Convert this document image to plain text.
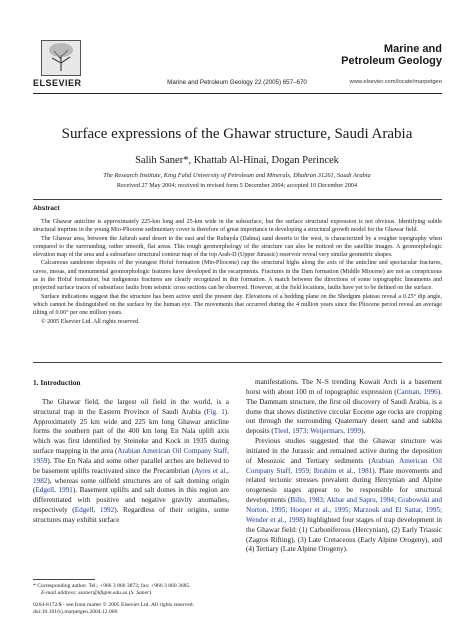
ELSEVIER	Marine and Petroleum Geology 22 (2005) 657–670
Marine and
Petroleum Geology
www.elsevier.com/locate/marpetgeo
Surface expressions of the Ghawar structure, Saudi Arabia
Salih Saner*, Khattab Al-Hinai, Dogan Perincek
The Research Institute, King Fahd University of Petroleum and Minerals, Dhahran 31261, Saudi Arabia
Received 27 May 2004; received in revised form 5 December 2004; accepted 10 December 2004
Abstract

The Ghawar anticline is approximately 225-km long and 25-km wide in the subsurface, but the surface structural expression is not obvious. Identifying subtle structural imprints in the young Mio-Pliocene sedimentary cover is therefore of great importance in developing a structural growth model for the Ghawar field.

The Ghawar area, between the Jafurah sand desert to the east and the Rubayda (Dahna) sand deserts to the west, is characterized by a rougher topography when compared to the surrounding, rather smooth, flat areas. This rough geomorphology of the structure can also be noticed on the satellite images. A geomorphologic elevation map of the area and a subsurface structural contour map of the top Arab-D (Upper Jurassic) reservoir reveal very similar geometric shapes.

Calcareous sandstone deposits of the youngest Hofuf formation (Mio-Pliocene) cap the structural highs along the axis of the anticline and spectacular fractures, caves, mesas, and monumental geomorphologic features have developed in the escarpments. Fractures in the Dam formation (Middle Miocene) are not as conspicuous as in the Hofuf formation, but indigenous fractures are clearly recognized in this formation. A match between the directions of some topographic lineaments and projected surface traces of subsurface faults from seismic cross sections can be observed. However, at the field locations, faults have yet to be defined on the surface.

Surface indications suggest that the structure has been active until the present day. Elevations of a bedding plane on the Shedgum plateau reveal a 0.25° dip angle, which cannot be distinguished on the surface by the human eye. The movements that occurred during the 4 million years since the Pliocene period reveal an average tilting of 0.06° per one million years.

© 2005 Elsevier Ltd. All rights reserved.

1. Introduction

The Ghawar field, the largest oil field in the world, is a structural trap in the Eastern Province of Saudi Arabia (Fig. 1). Approximately 25 km wide and 225 km long Ghawar anticline forms the southern part of the 400 km long En Nala uplift axis which was first identified by Steineke and Kock in 1935 during surface mapping in the area (Arabian American Oil Company Staff, 1959). The En Nala and some other parallel arches are believed to be basement uplifts reactivated since the Precambrian (Ayres et al., 1982), whereas some oilfield structures are of salt doming origin (Edgell, 1991). Basement uplifts and salt domes in this region are differentiated with positive and negative gravity anomalies, respectively (Edgell, 1992). Regardless of their origins, some structures may exhibit surface

manifestations. The N–S trending Kuwait Arch is a basement horst with about 100 m of topographic expression (Carman, 1996). The Dammam structure, the first oil discovery of Saudi Arabia, is a dome that shows distinctive circular Eocene age rocks are cropping out through the surrounding Quaternary desert sand and sabkha deposits (Tleel, 1973; Weijermars, 1999).

Previous studies suggested that the Ghawar structure was initiated in the Jurassic and remained active during the deposition of Mesozoic and Tertiary sediments (Arabian American Oil Company Staff, 1959; Ibrahim et al., 1981). Plate movements and related tectonic stresses prevalent during Hercynian and Alpine orogenesis stages appear to be responsible for structural developments (Billo, 1983; Akbar and Sapru, 1994; Grabowski and Norton, 1995; Hooper et al., 1995; Marzouk and El Sattar, 1995; Wender et al., 1998) highlighted four stages of trap development in the Ghawar field: (1) Carboniferous (Hercynian), (2) Early Triassic (Zagros Rifting), (3) Late Cretaceous (Early Alpine Orogeny), and (4) Tertiary (Late Alpine Orogeny).

* Corresponding author. Tel.: +966 3 860 3872; fax: +966 3 860 3685.
E-mail address: ssaner@kfupm.edu.sa (S. Saner).
0264-8172/$ - see front matter © 2005 Elsevier Ltd. All rights reserved.
doi:10.1016/j.marpetgeo.2004.12.006
